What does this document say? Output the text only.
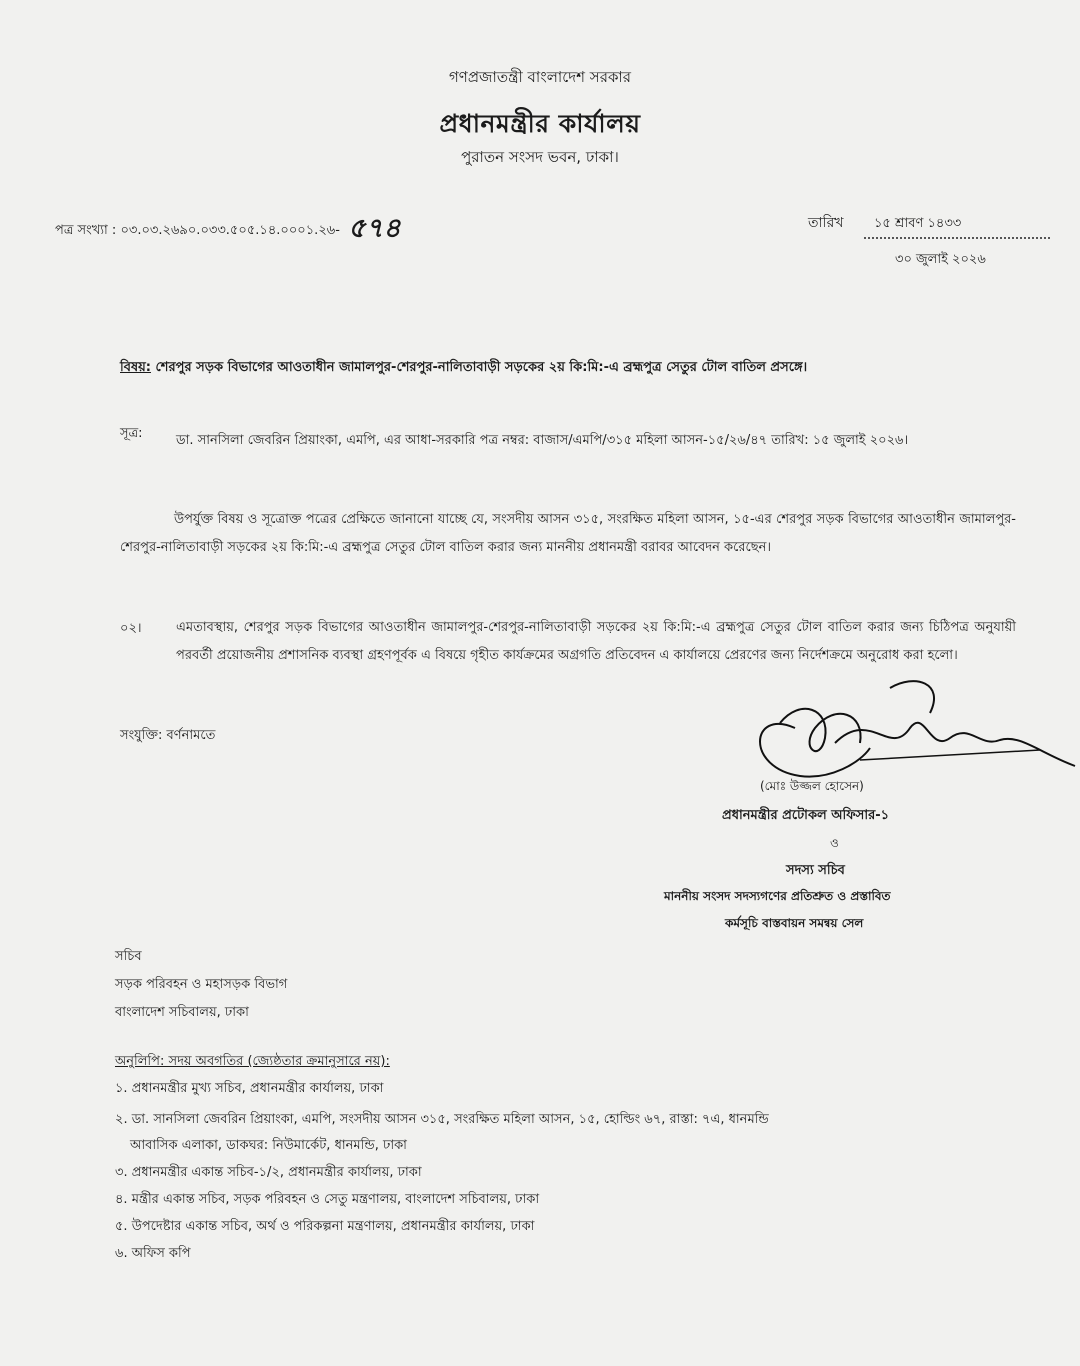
গণপ্রজাতন্ত্রী বাংলাদেশ সরকার
প্রধানমন্ত্রীর কার্যালয়
পুরাতন সংসদ ভবন, ঢাকা।
পত্র সংখ্যা : ০৩.০৩.২৬৯০.০৩৩.৫০৫.১৪.০০০১.২৬- ৫৭৪	তারিখ	১৫ শ্রাবণ ১৪৩৩
৩০ জুলাই ২০২৬
বিষয়: শেরপুর সড়ক বিভাগের আওতাধীন জামালপুর-শেরপুর-নালিতাবাড়ী সড়কের ২য় কি:মি:-এ ব্রহ্মপুত্র সেতুর টোল বাতিল প্রসঙ্গে।
সূত্র:	ডা. সানসিলা জেবরিন প্রিয়াংকা, এমপি, এর আধা-সরকারি পত্র নম্বর: বাজাস/এমপি/৩১৫ মহিলা আসন-১৫/২৬/৪৭ তারিখ: ১৫ জুলাই ২০২৬।
উপর্যুক্ত বিষয় ও সূত্রোক্ত পত্রের প্রেক্ষিতে জানানো যাচ্ছে যে, সংসদীয় আসন ৩১৫, সংরক্ষিত মহিলা আসন, ১৫-এর শেরপুর সড়ক বিভাগের আওতাধীন জামালপুর-শেরপুর-নালিতাবাড়ী সড়কের ২য় কি:মি:-এ ব্রহ্মপুত্র সেতুর টোল বাতিল করার জন্য মাননীয় প্রধানমন্ত্রী বরাবর আবেদন করেছেন।
০২।	এমতাবস্থায়, শেরপুর সড়ক বিভাগের আওতাধীন জামালপুর-শেরপুর-নালিতাবাড়ী সড়কের ২য় কি:মি:-এ ব্রহ্মপুত্র সেতুর টোল বাতিল করার জন্য চিঠিপত্র অনুযায়ী পরবর্তী প্রয়োজনীয় প্রশাসনিক ব্যবস্থা গ্রহণপূর্বক এ বিষয়ে গৃহীত কার্যক্রমের অগ্রগতি প্রতিবেদন এ কার্যালয়ে প্রেরণের জন্য নির্দেশক্রমে অনুরোধ করা হলো।
সংযুক্তি: বর্ণনামতে
(মোঃ উজ্জল হোসেন)
প্রধানমন্ত্রীর প্রটোকল অফিসার-১
ও
সদস্য সচিব
মাননীয় সংসদ সদস্যগণের প্রতিশ্রুত ও প্রস্তাবিত
কর্মসূচি বাস্তবায়ন সমন্বয় সেল
সচিব
সড়ক পরিবহন ও মহাসড়ক বিভাগ
বাংলাদেশ সচিবালয়, ঢাকা
অনুলিপি: সদয় অবগতির (জ্যেষ্ঠতার ক্রমানুসারে নয়):
১. প্রধানমন্ত্রীর মুখ্য সচিব, প্রধানমন্ত্রীর কার্যালয়, ঢাকা
২. ডা. সানসিলা জেবরিন প্রিয়াংকা, এমপি, সংসদীয় আসন ৩১৫, সংরক্ষিত মহিলা আসন, ১৫, হোল্ডিং ৬৭, রাস্তা: ৭এ, ধানমন্ডি
আবাসিক এলাকা, ডাকঘর: নিউমার্কেট, ধানমন্ডি, ঢাকা
৩. প্রধানমন্ত্রীর একান্ত সচিব-১/২, প্রধানমন্ত্রীর কার্যালয়, ঢাকা
৪. মন্ত্রীর একান্ত সচিব, সড়ক পরিবহন ও সেতু মন্ত্রণালয়, বাংলাদেশ সচিবালয়, ঢাকা
৫. উপদেষ্টার একান্ত সচিব, অর্থ ও পরিকল্পনা মন্ত্রণালয়, প্রধানমন্ত্রীর কার্যালয়, ঢাকা
৬. অফিস কপি
